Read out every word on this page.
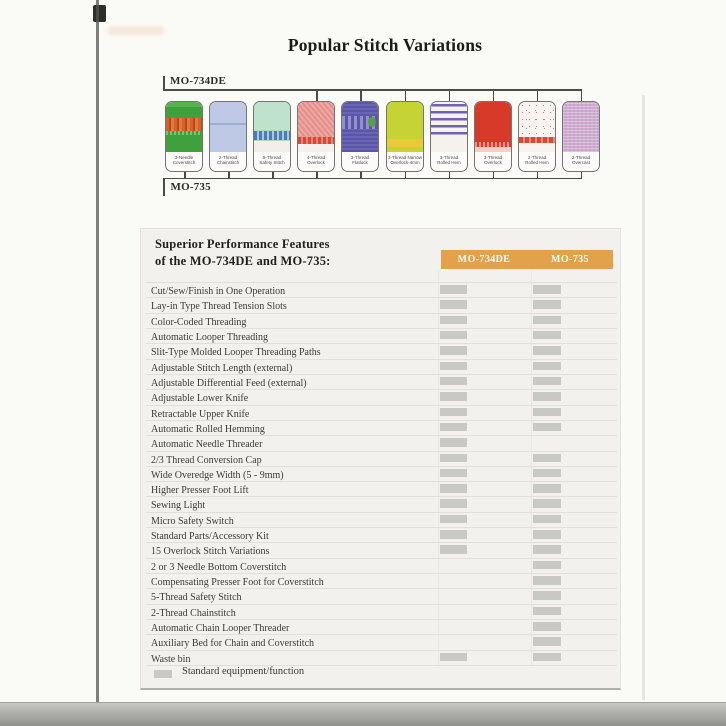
Popular Stitch Variations
MO-734DE
3-Needle
Coverstitch
2-Thread
Chainstitch
5-Thread
Safety Stitch
4-Thread
Overlock
3-Thread
Flatlock
3-Thread Narrow
Overlock-4mm
3-Thread
Rolled Hem
3-Thread
Overlock
2-Thread
Rolled Hem
2-Thread
Overcast
MO-735
Superior Performance Features
of the MO-734DE and MO-735:	MO-734DE	MO-735
Cut/Sew/Finish in One Operation
Lay-in Type Thread Tension Slots
Color-Coded Threading
Automatic Looper Threading
Slit-Type Molded Looper Threading Paths
Adjustable Stitch Length (external)
Adjustable Differential Feed (external)
Adjustable Lower Knife
Retractable Upper Knife
Automatic Rolled Hemming
Automatic Needle Threader
2/3 Thread Conversion Cap
Wide Overedge Width (5 - 9mm)
Higher Presser Foot Lift
Sewing Light
Micro Safety Switch
Standard Parts/Accessory Kit
15 Overlock Stitch Variations
2 or 3 Needle Bottom Coverstitch
Compensating Presser Foot for Coverstitch
5-Thread Safety Stitch
2-Thread Chainstitch
Automatic Chain Looper Threader
Auxiliary Bed for Chain and Coverstitch
Waste bin
Standard equipment/function
